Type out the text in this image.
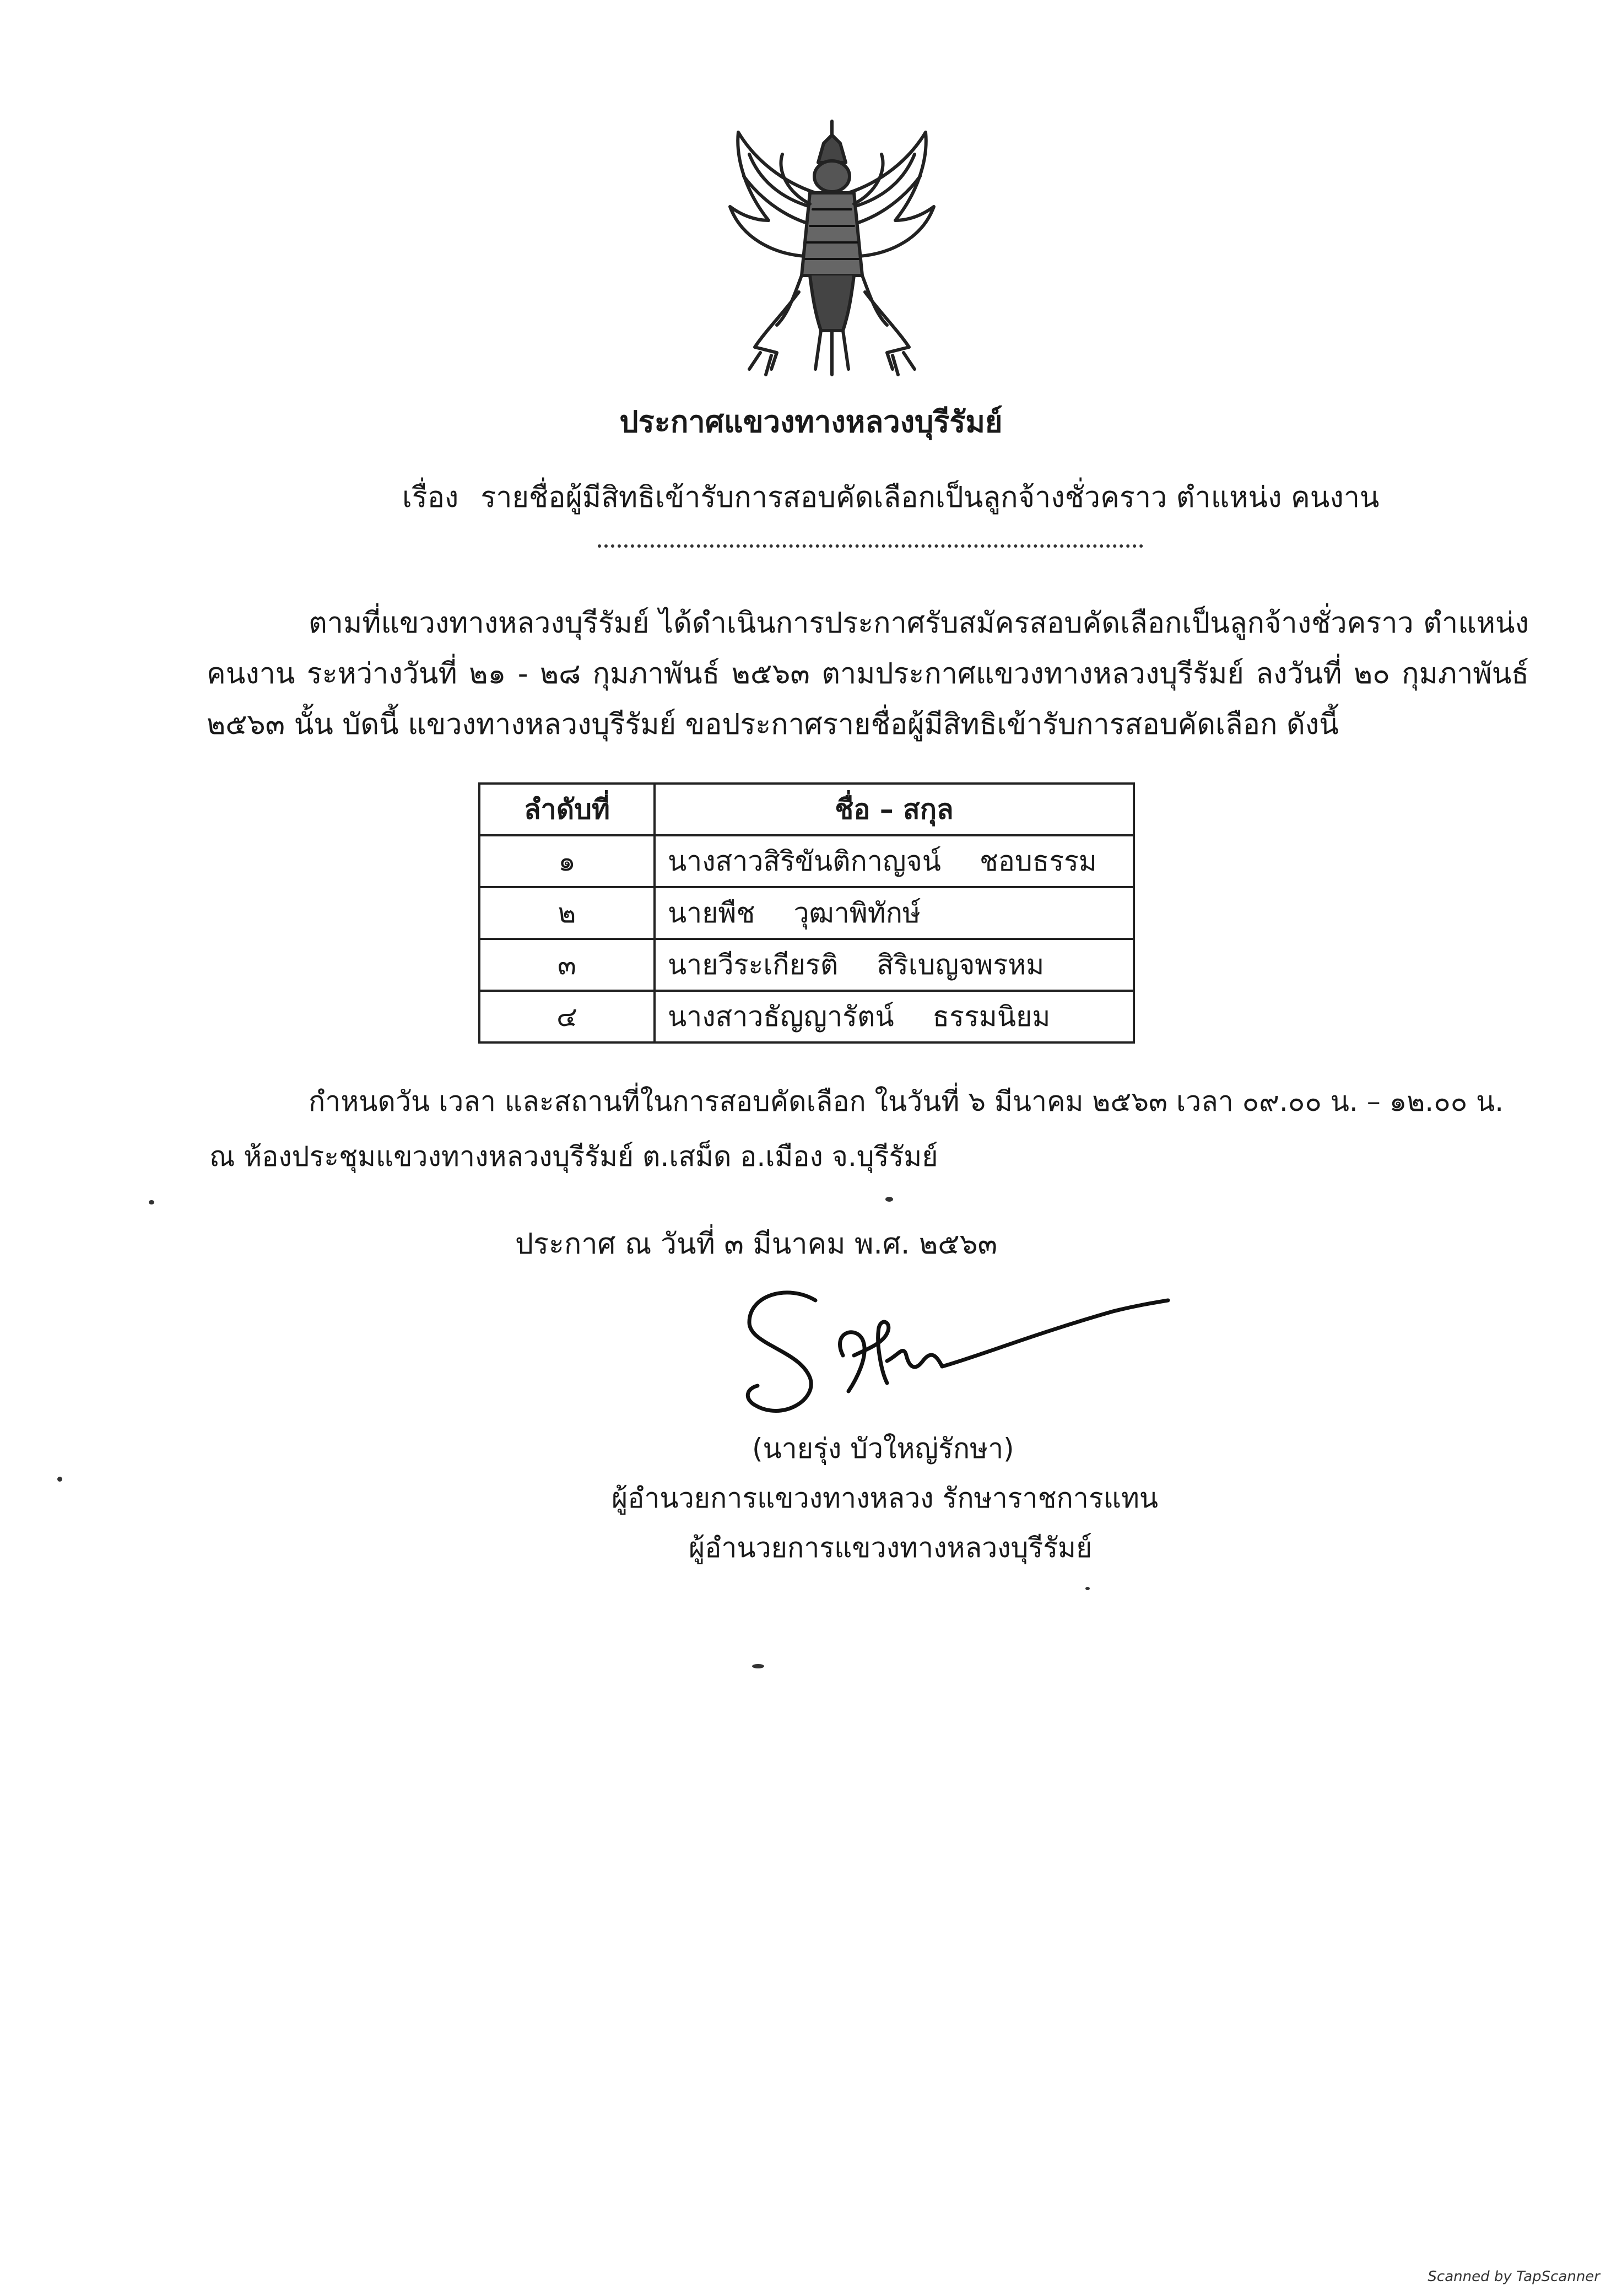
ประกาศแขวงทางหลวงบุรีรัมย์
เรื่อง รายชื่อผู้มีสิทธิเข้ารับการสอบคัดเลือกเป็นลูกจ้างชั่วคราว ตำแหน่ง คนงาน
ตามที่แขวงทางหลวงบุรีรัมย์ ได้ดำเนินการประกาศรับสมัครสอบคัดเลือกเป็นลูกจ้างชั่วคราว ตำแหน่ง คนงาน ระหว่างวันที่ ๒๑ - ๒๘ กุมภาพันธ์ ๒๕๖๓ ตามประกาศแขวงทางหลวงบุรีรัมย์ ลงวันที่ ๒๐ กุมภาพันธ์ ๒๕๖๓ นั้น บัดนี้ แขวงทางหลวงบุรีรัมย์ ขอประกาศรายชื่อผู้มีสิทธิเข้ารับการสอบคัดเลือก ดังนี้
ลำดับที่	ชื่อ – สกุล
๑	นางสาวสิริขันติกาญจน์ ชอบธรรม
๒	นายพืช วุฒาพิทักษ์
๓	นายวีระเกียรติ สิริเบญจพรหม
๔	นางสาวธัญญารัตน์ ธรรมนิยม
กำหนดวัน เวลา และสถานที่ในการสอบคัดเลือก ในวันที่ ๖ มีนาคม ๒๕๖๓ เวลา ๐๙.๐๐ น. – ๑๒.๐๐ น.
ณ ห้องประชุมแขวงทางหลวงบุรีรัมย์ ต.เสม็ด อ.เมือง จ.บุรีรัมย์
ประกาศ ณ วันที่ ๓ มีนาคม พ.ศ. ๒๕๖๓
(นายรุ่ง บัวใหญ่รักษา)
ผู้อำนวยการแขวงทางหลวง รักษาราชการแทน
ผู้อำนวยการแขวงทางหลวงบุรีรัมย์
Scanned by TapScanner
